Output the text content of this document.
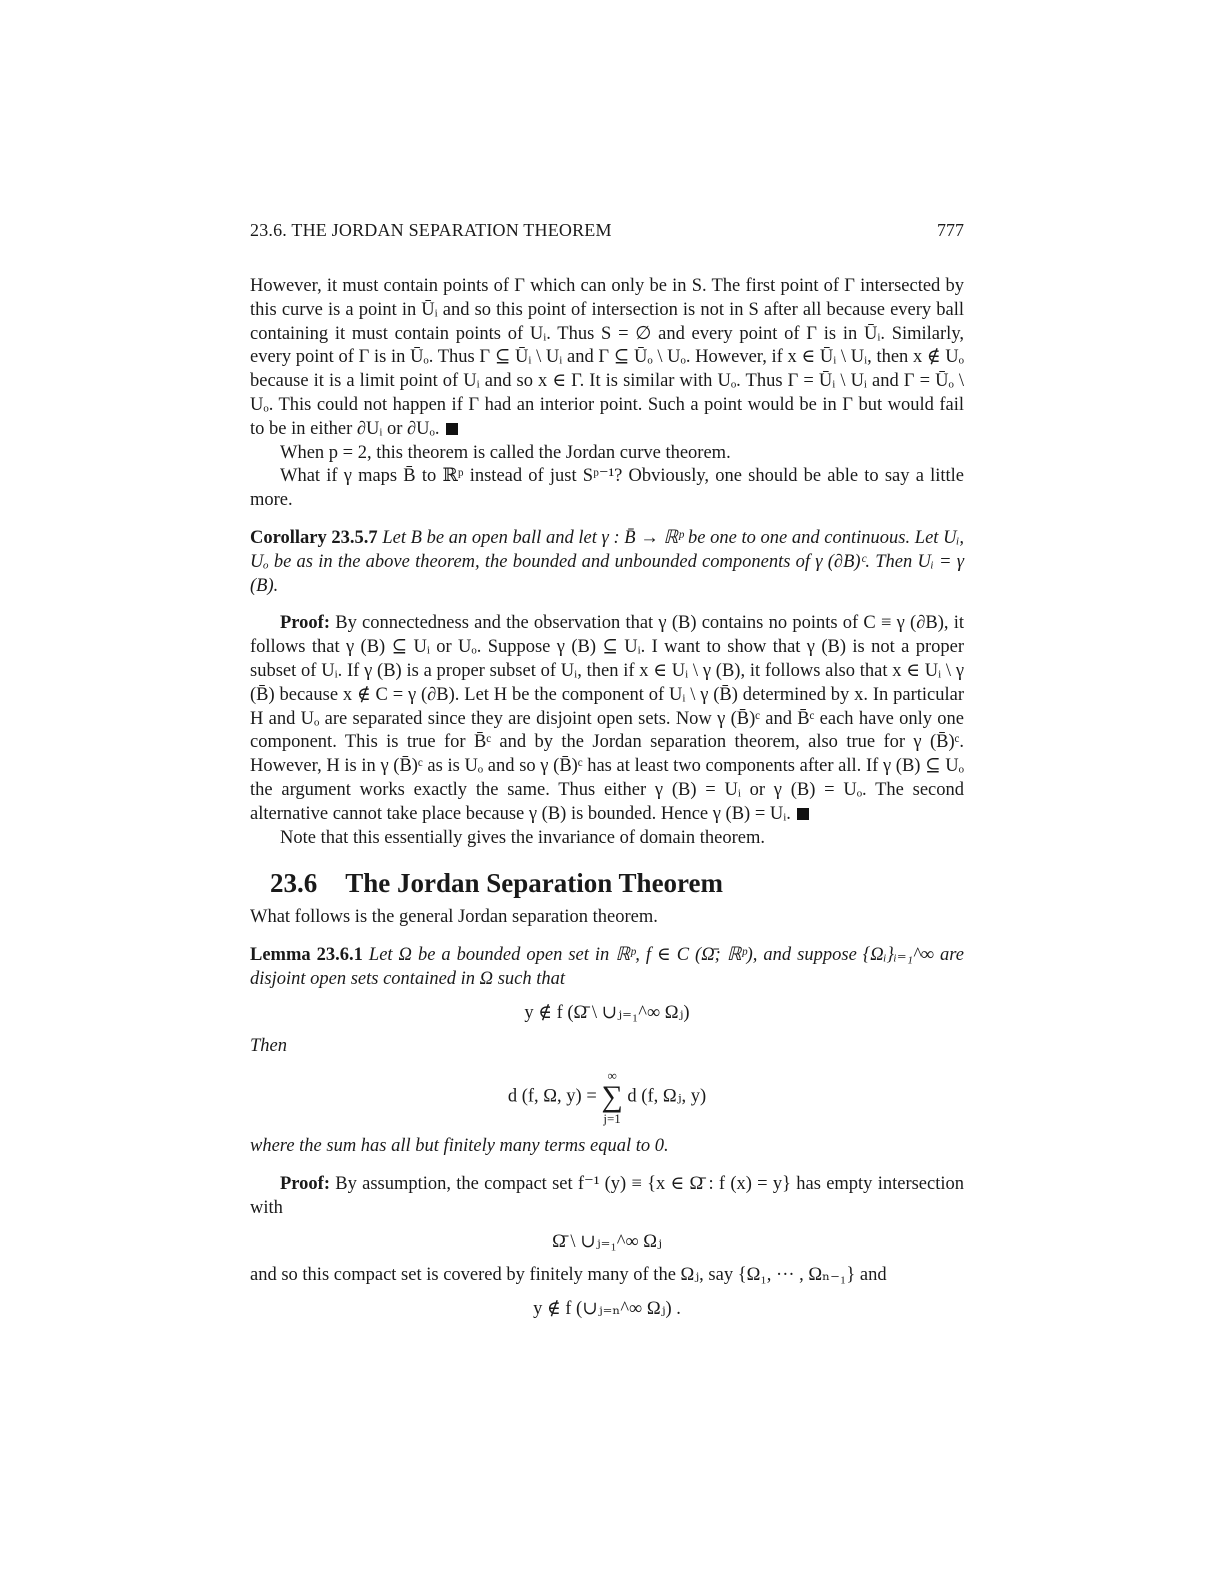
23.6. THE JORDAN SEPARATION THEOREM	777

However, it must contain points of Γ which can only be in S. The first point of Γ intersected by this curve is a point in Ūᵢ and so this point of intersection is not in S after all because every ball containing it must contain points of Uᵢ. Thus S = ∅ and every point of Γ is in Ūᵢ. Similarly, every point of Γ is in Ūₒ. Thus Γ ⊆ Ūᵢ \ Uᵢ and Γ ⊆ Ūₒ \ Uₒ. However, if x ∈ Ūᵢ \ Uᵢ, then x ∉ Uₒ because it is a limit point of Uᵢ and so x ∈ Γ. It is similar with Uₒ. Thus Γ = Ūᵢ \ Uᵢ and Γ = Ūₒ \ Uₒ. This could not happen if Γ had an interior point. Such a point would be in Γ but would fail to be in either ∂Uᵢ or ∂Uₒ.

When p = 2, this theorem is called the Jordan curve theorem.

What if γ maps B̄ to ℝᵖ instead of just Sᵖ⁻¹? Obviously, one should be able to say a little more.

Corollary 23.5.7 Let B be an open ball and let γ : B̄ → ℝᵖ be one to one and continuous. Let Uᵢ, Uₒ be as in the above theorem, the bounded and unbounded components of γ (∂B)ᶜ. Then Uᵢ = γ (B).

Proof: By connectedness and the observation that γ (B) contains no points of C ≡ γ (∂B), it follows that γ (B) ⊆ Uᵢ or Uₒ. Suppose γ (B) ⊆ Uᵢ. I want to show that γ (B) is not a proper subset of Uᵢ. If γ (B) is a proper subset of Uᵢ, then if x ∈ Uᵢ \ γ (B), it follows also that x ∈ Uᵢ \ γ (B̄) because x ∉ C = γ (∂B). Let H be the component of Uᵢ \ γ (B̄) determined by x. In particular H and Uₒ are separated since they are disjoint open sets. Now γ (B̄)ᶜ and B̄ᶜ each have only one component. This is true for B̄ᶜ and by the Jordan separation theorem, also true for γ (B̄)ᶜ. However, H is in γ (B̄)ᶜ as is Uₒ and so γ (B̄)ᶜ has at least two components after all. If γ (B) ⊆ Uₒ the argument works exactly the same. Thus either γ (B) = Uᵢ or γ (B) = Uₒ. The second alternative cannot take place because γ (B) is bounded. Hence γ (B) = Uᵢ.

Note that this essentially gives the invariance of domain theorem.

23.6 The Jordan Separation Theorem

What follows is the general Jordan separation theorem.

Lemma 23.6.1 Let Ω be a bounded open set in ℝᵖ, f ∈ C (Ω̄; ℝᵖ), and suppose {Ωᵢ}ᵢ₌₁^∞ are disjoint open sets contained in Ω such that

y ∉ f (Ω̄ \ ∪ⱼ₌₁^∞ Ωⱼ)

Then

d (f, Ω, y) =
∞
∑
j=1
d (f, Ωⱼ, y)

where the sum has all but finitely many terms equal to 0.

Proof: By assumption, the compact set f⁻¹ (y) ≡ {x ∈ Ω̄ : f (x) = y} has empty intersection with

Ω̄ \ ∪ⱼ₌₁^∞ Ωⱼ

and so this compact set is covered by finitely many of the Ωⱼ, say {Ω₁, ··· , Ωₙ₋₁} and

y ∉ f (∪ⱼ₌ₙ^∞ Ωⱼ) .
